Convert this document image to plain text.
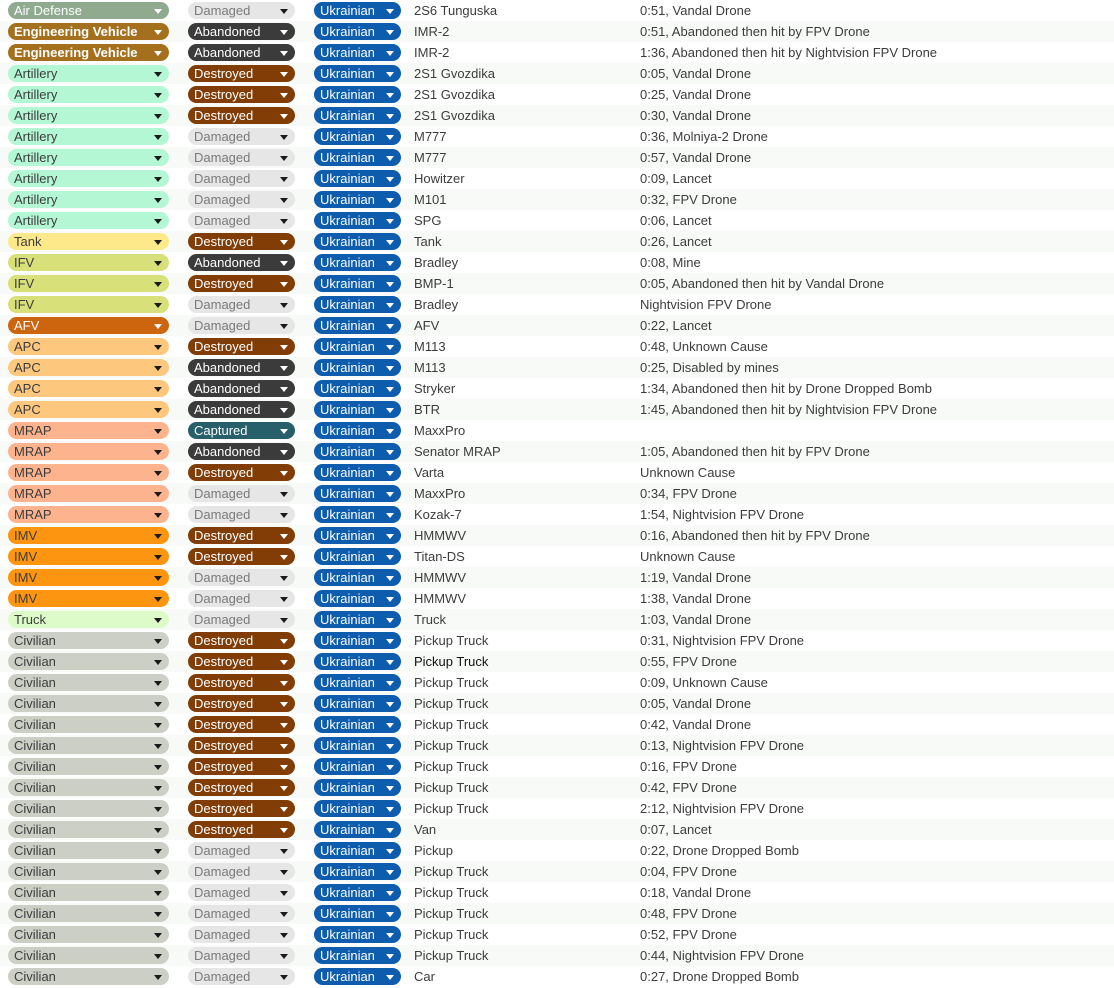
Air Defense	Damaged	Ukrainian	2S6 Tunguska	0:51, Vandal Drone
Engineering Vehicle	Abandoned	Ukrainian	IMR-2	0:51, Abandoned then hit by FPV Drone
Engineering Vehicle	Abandoned	Ukrainian	IMR-2	1:36, Abandoned then hit by Nightvision FPV Drone
Artillery	Destroyed	Ukrainian	2S1 Gvozdika	0:05, Vandal Drone
Artillery	Destroyed	Ukrainian	2S1 Gvozdika	0:25, Vandal Drone
Artillery	Destroyed	Ukrainian	2S1 Gvozdika	0:30, Vandal Drone
Artillery	Damaged	Ukrainian	M777	0:36, Molniya-2 Drone
Artillery	Damaged	Ukrainian	M777	0:57, Vandal Drone
Artillery	Damaged	Ukrainian	Howitzer	0:09, Lancet
Artillery	Damaged	Ukrainian	M101	0:32, FPV Drone
Artillery	Damaged	Ukrainian	SPG	0:06, Lancet
Tank	Destroyed	Ukrainian	Tank	0:26, Lancet
IFV	Abandoned	Ukrainian	Bradley	0:08, Mine
IFV	Destroyed	Ukrainian	BMP-1	0:05, Abandoned then hit by Vandal Drone
IFV	Damaged	Ukrainian	Bradley	Nightvision FPV Drone
AFV	Damaged	Ukrainian	AFV	0:22, Lancet
APC	Destroyed	Ukrainian	M113	0:48, Unknown Cause
APC	Abandoned	Ukrainian	M113	0:25, Disabled by mines
APC	Abandoned	Ukrainian	Stryker	1:34, Abandoned then hit by Drone Dropped Bomb
APC	Abandoned	Ukrainian	BTR	1:45, Abandoned then hit by Nightvision FPV Drone
MRAP	Captured	Ukrainian	MaxxPro
MRAP	Abandoned	Ukrainian	Senator MRAP	1:05, Abandoned then hit by FPV Drone
MRAP	Destroyed	Ukrainian	Varta	Unknown Cause
MRAP	Damaged	Ukrainian	MaxxPro	0:34, FPV Drone
MRAP	Damaged	Ukrainian	Kozak-7	1:54, Nightvision FPV Drone
IMV	Destroyed	Ukrainian	HMMWV	0:16, Abandoned then hit by FPV Drone
IMV	Destroyed	Ukrainian	Titan-DS	Unknown Cause
IMV	Damaged	Ukrainian	HMMWV	1:19, Vandal Drone
IMV	Damaged	Ukrainian	HMMWV	1:38, Vandal Drone
Truck	Damaged	Ukrainian	Truck	1:03, Vandal Drone
Civilian	Destroyed	Ukrainian	Pickup Truck	0:31, Nightvision FPV Drone
Civilian	Destroyed	Ukrainian	Pickup Truck	0:55, FPV Drone
Civilian	Destroyed	Ukrainian	Pickup Truck	0:09, Unknown Cause
Civilian	Destroyed	Ukrainian	Pickup Truck	0:05, Vandal Drone
Civilian	Destroyed	Ukrainian	Pickup Truck	0:42, Vandal Drone
Civilian	Destroyed	Ukrainian	Pickup Truck	0:13, Nightvision FPV Drone
Civilian	Destroyed	Ukrainian	Pickup Truck	0:16, FPV Drone
Civilian	Destroyed	Ukrainian	Pickup Truck	0:42, FPV Drone
Civilian	Destroyed	Ukrainian	Pickup Truck	2:12, Nightvision FPV Drone
Civilian	Destroyed	Ukrainian	Van	0:07, Lancet
Civilian	Damaged	Ukrainian	Pickup	0:22, Drone Dropped Bomb
Civilian	Damaged	Ukrainian	Pickup Truck	0:04, FPV Drone
Civilian	Damaged	Ukrainian	Pickup Truck	0:18, Vandal Drone
Civilian	Damaged	Ukrainian	Pickup Truck	0:48, FPV Drone
Civilian	Damaged	Ukrainian	Pickup Truck	0:52, FPV Drone
Civilian	Damaged	Ukrainian	Pickup Truck	0:44, Nightvision FPV Drone
Civilian	Damaged	Ukrainian	Car	0:27, Drone Dropped Bomb
